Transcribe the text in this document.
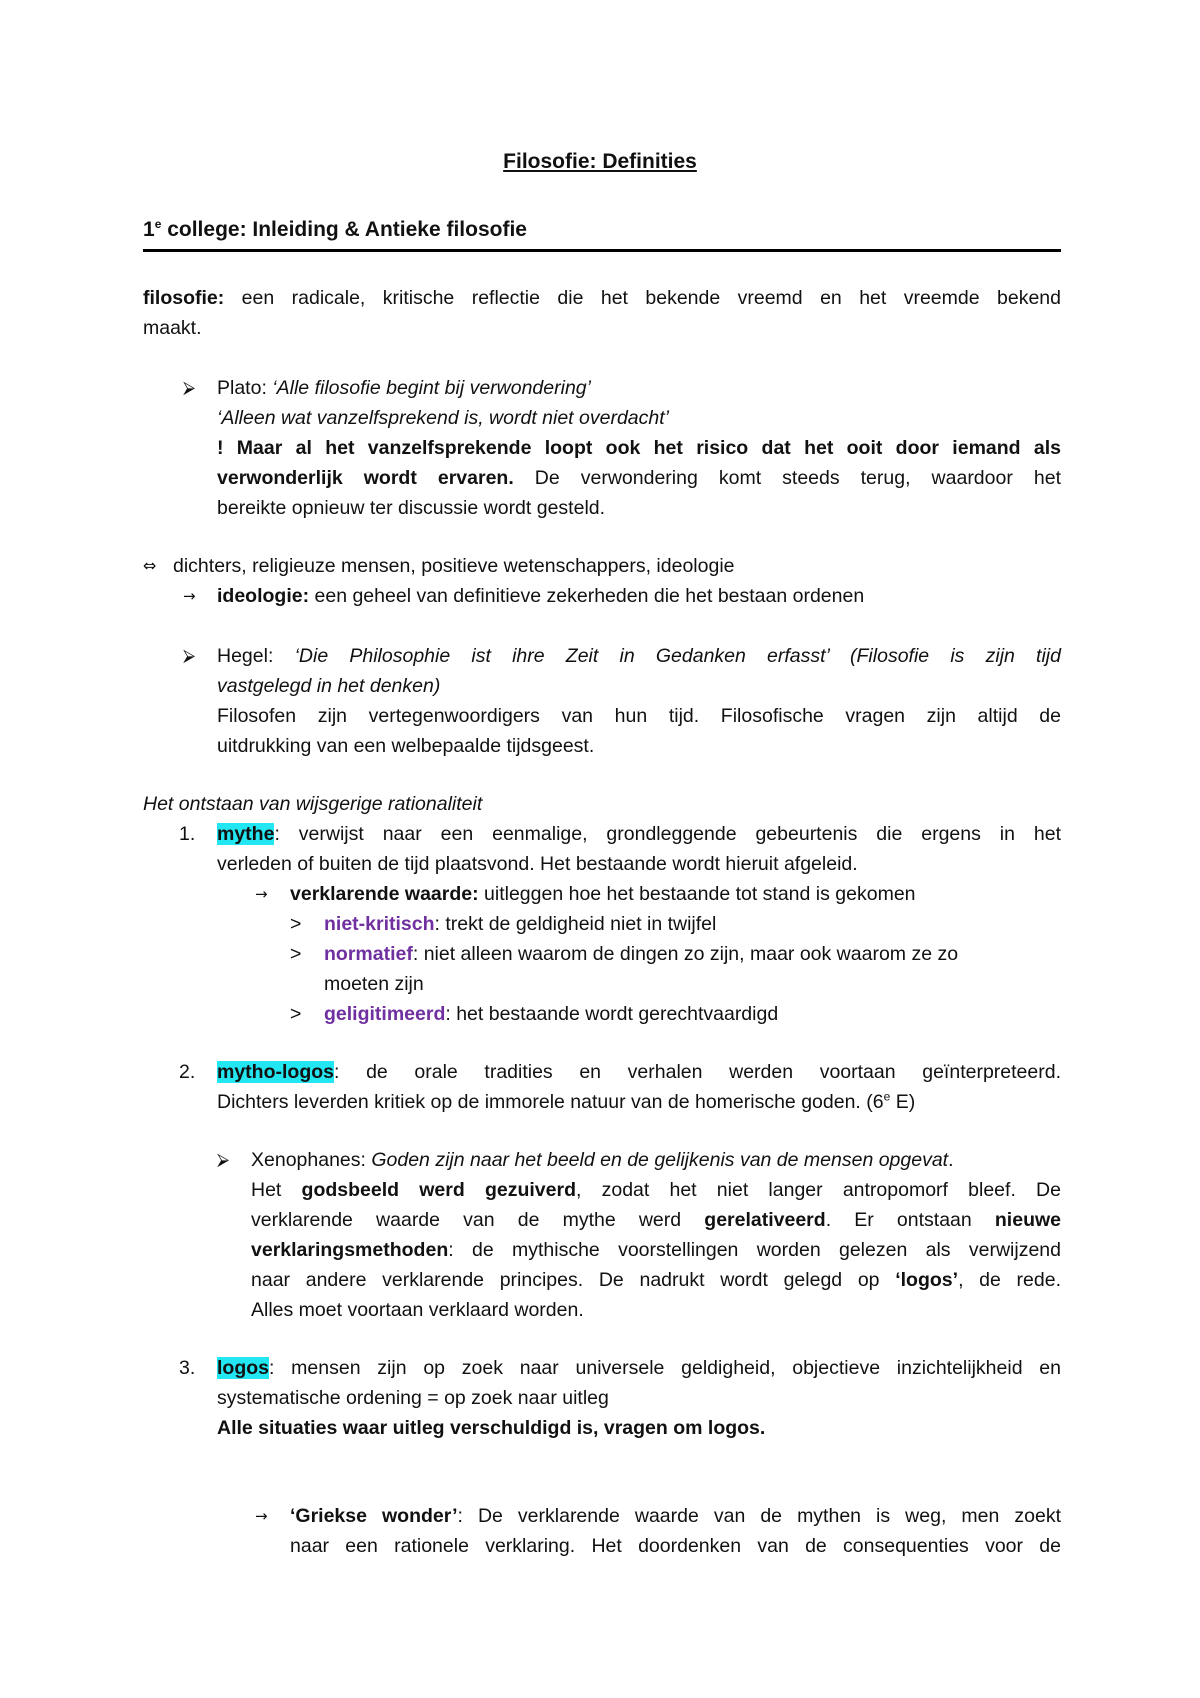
Filosofie: Definities
1e college: Inleiding & Antieke filosofie
filosofie: een radicale, kritische reflectie die het bekende vreemd en het vreemde bekend
maakt.
⮚ Plato: ‘Alle filosofie begint bij verwondering’
‘Alleen wat vanzelfsprekend is, wordt niet overdacht’
! Maar al het vanzelfsprekende loopt ook het risico dat het ooit door iemand als
verwonderlijk wordt ervaren. De verwondering komt steeds terug, waardoor het
bereikte opnieuw ter discussie wordt gesteld.
⇔ dichters, religieuze mensen, positieve wetenschappers, ideologie
→ ideologie: een geheel van definitieve zekerheden die het bestaan ordenen
⮚ Hegel: ‘Die Philosophie ist ihre Zeit in Gedanken erfasst’ (Filosofie is zijn tijd
vastgelegd in het denken)
Filosofen zijn vertegenwoordigers van hun tijd. Filosofische vragen zijn altijd de
uitdrukking van een welbepaalde tijdsgeest.
Het ontstaan van wijsgerige rationaliteit
1. mythe: verwijst naar een eenmalige, grondleggende gebeurtenis die ergens in het
verleden of buiten de tijd plaatsvond. Het bestaande wordt hieruit afgeleid.
→ verklarende waarde: uitleggen hoe het bestaande tot stand is gekomen
> niet-kritisch: trekt de geldigheid niet in twijfel
> normatief: niet alleen waarom de dingen zo zijn, maar ook waarom ze zo
moeten zijn
> geligitimeerd: het bestaande wordt gerechtvaardigd
2. mytho-logos: de orale tradities en verhalen werden voortaan geïnterpreteerd.
Dichters leverden kritiek op de immorele natuur van de homerische goden. (6e E)
⮚ Xenophanes: Goden zijn naar het beeld en de gelijkenis van de mensen opgevat.
Het godsbeeld werd gezuiverd, zodat het niet langer antropomorf bleef. De
verklarende waarde van de mythe werd gerelativeerd. Er ontstaan nieuwe
verklaringsmethoden: de mythische voorstellingen worden gelezen als verwijzend
naar andere verklarende principes. De nadrukt wordt gelegd op ‘logos’, de rede.
Alles moet voortaan verklaard worden.
3. logos: mensen zijn op zoek naar universele geldigheid, objectieve inzichtelijkheid en
systematische ordening = op zoek naar uitleg
Alle situaties waar uitleg verschuldigd is, vragen om logos.
→ ‘Griekse wonder’: De verklarende waarde van de mythen is weg, men zoekt
naar een rationele verklaring. Het doordenken van de consequenties voor de
